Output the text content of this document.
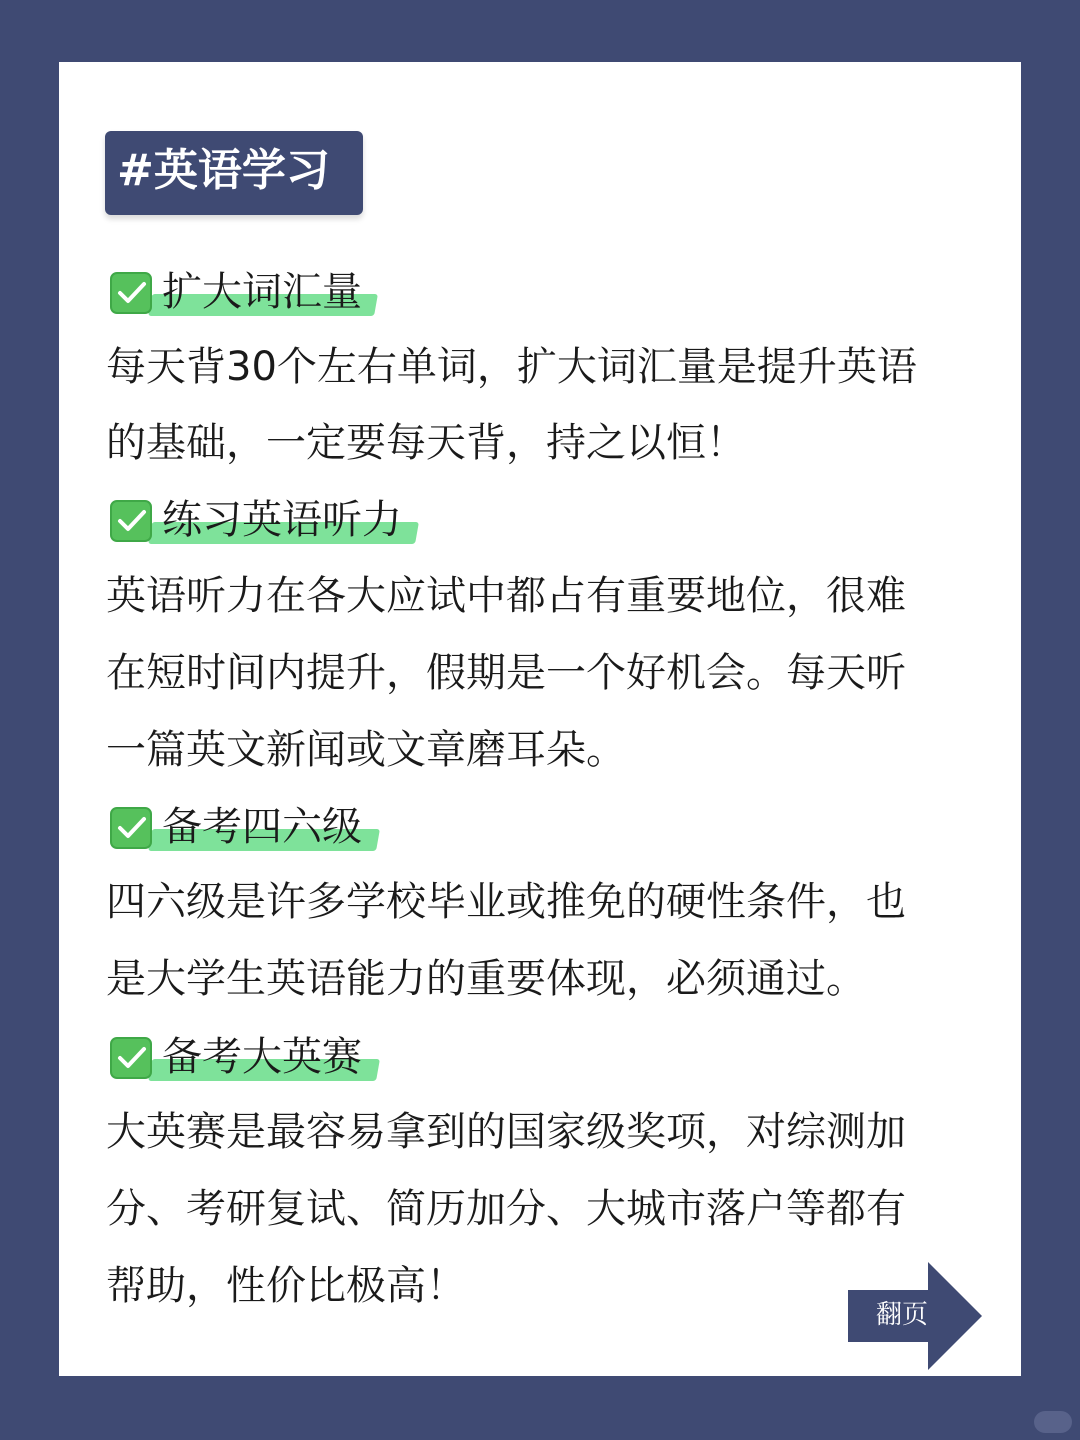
#英语学习
扩大词汇量
每天背30个左右单词，扩大词汇量是提升英语
的基础，一定要每天背，持之以恒！
练习英语听力
英语听力在各大应试中都占有重要地位，很难
在短时间内提升，假期是一个好机会。每天听
一篇英文新闻或文章磨耳朵。
备考四六级
四六级是许多学校毕业或推免的硬性条件，也
是大学生英语能力的重要体现，必须通过。
备考大英赛
大英赛是最容易拿到的国家级奖项，对综测加
分、考研复试、简历加分、大城市落户等都有
帮助，性价比极高！
翻页
